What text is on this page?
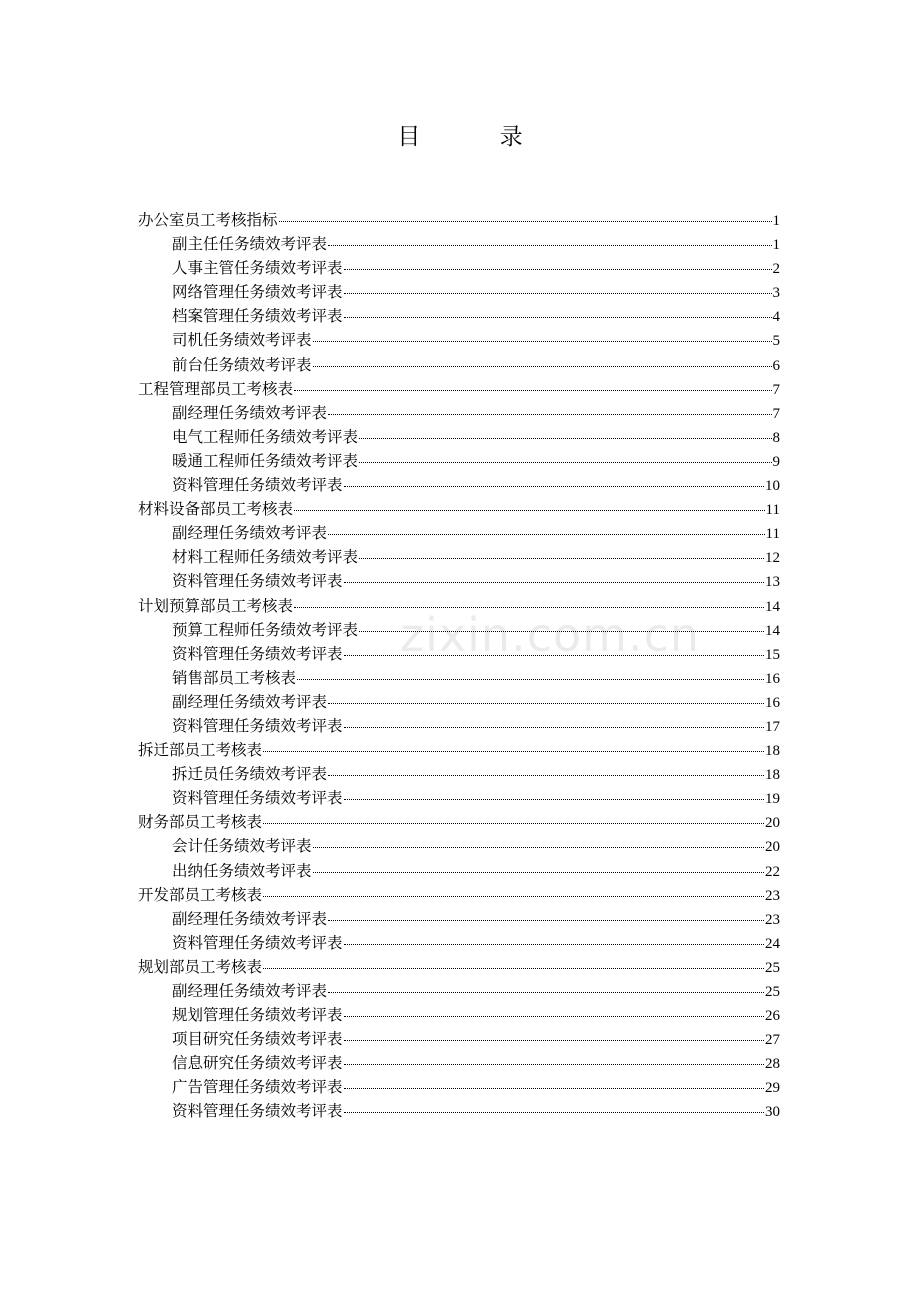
目 录
zixin.com.cn
办公室员工考核指标	1
副主任任务绩效考评表	1
人事主管任务绩效考评表	2
网络管理任务绩效考评表	3
档案管理任务绩效考评表	4
司机任务绩效考评表	5
前台任务绩效考评表	6
工程管理部员工考核表	7
副经理任务绩效考评表	7
电气工程师任务绩效考评表	8
暖通工程师任务绩效考评表	9
资料管理任务绩效考评表	10
材料设备部员工考核表	11
副经理任务绩效考评表	11
材料工程师任务绩效考评表	12
资料管理任务绩效考评表	13
计划预算部员工考核表	14
预算工程师任务绩效考评表	14
资料管理任务绩效考评表	15
销售部员工考核表	16
副经理任务绩效考评表	16
资料管理任务绩效考评表	17
拆迁部员工考核表	18
拆迁员任务绩效考评表	18
资料管理任务绩效考评表	19
财务部员工考核表	20
会计任务绩效考评表	20
出纳任务绩效考评表	22
开发部员工考核表	23
副经理任务绩效考评表	23
资料管理任务绩效考评表	24
规划部员工考核表	25
副经理任务绩效考评表	25
规划管理任务绩效考评表	26
项目研究任务绩效考评表	27
信息研究任务绩效考评表	28
广告管理任务绩效考评表	29
资料管理任务绩效考评表	30
